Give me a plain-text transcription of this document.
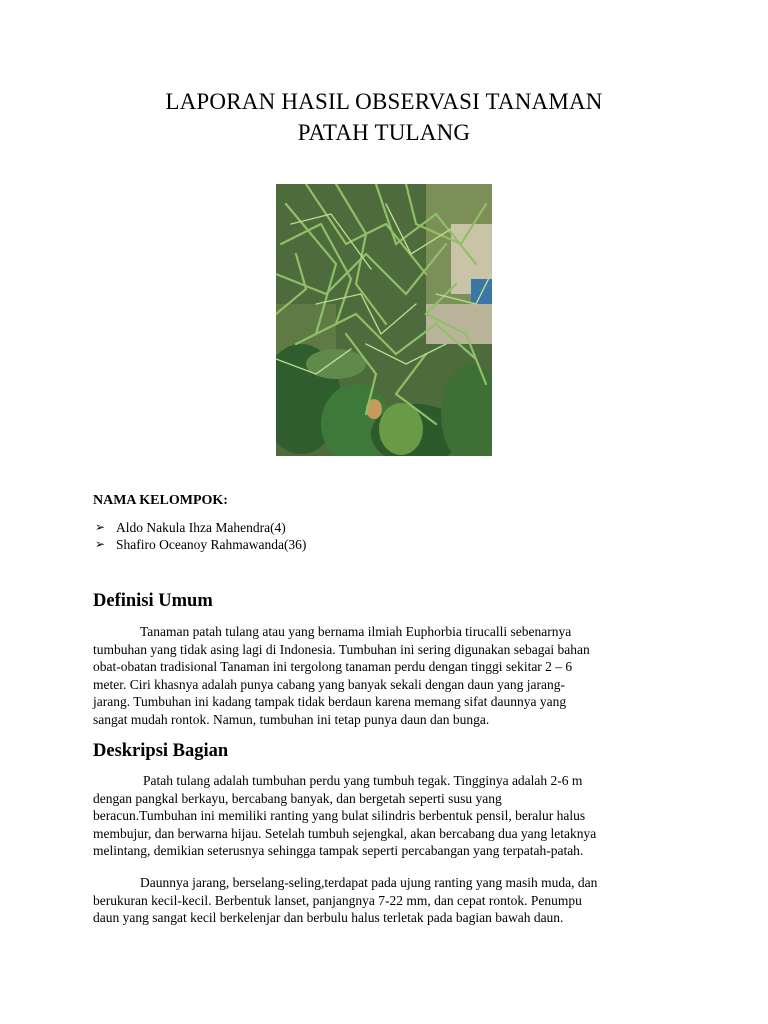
LAPORAN HASIL OBSERVASI TANAMAN
PATAH TULANG
NAMA KELOMPOK:
➢ Aldo Nakula Ihza Mahendra(4)
➢ Shafiro Oceanoy Rahmawanda(36)
Definisi Umum
Tanaman patah tulang atau yang bernama ilmiah Euphorbia tirucalli sebenarnya
tumbuhan yang tidak asing lagi di Indonesia. Tumbuhan ini sering digunakan sebagai bahan
obat-obatan tradisional Tanaman ini tergolong tanaman perdu dengan tinggi sekitar 2 – 6
meter. Ciri khasnya adalah punya cabang yang banyak sekali dengan daun yang jarang-
jarang. Tumbuhan ini kadang tampak tidak berdaun karena memang sifat daunnya yang
sangat mudah rontok. Namun, tumbuhan ini tetap punya daun dan bunga.
Deskripsi Bagian
Patah tulang adalah tumbuhan perdu yang tumbuh tegak. Tingginya adalah 2-6 m
dengan pangkal berkayu, bercabang banyak, dan bergetah seperti susu yang
beracun.Tumbuhan ini memiliki ranting yang bulat silindris berbentuk pensil, beralur halus
membujur, dan berwarna hijau. Setelah tumbuh sejengkal, akan bercabang dua yang letaknya
melintang, demikian seterusnya sehingga tampak seperti percabangan yang terpatah-patah.
Daunnya jarang, berselang-seling,terdapat pada ujung ranting yang masih muda, dan
berukuran kecil-kecil. Berbentuk lanset, panjangnya 7-22 mm, dan cepat rontok. Penumpu
daun yang sangat kecil berkelenjar dan berbulu halus terletak pada bagian bawah daun.
